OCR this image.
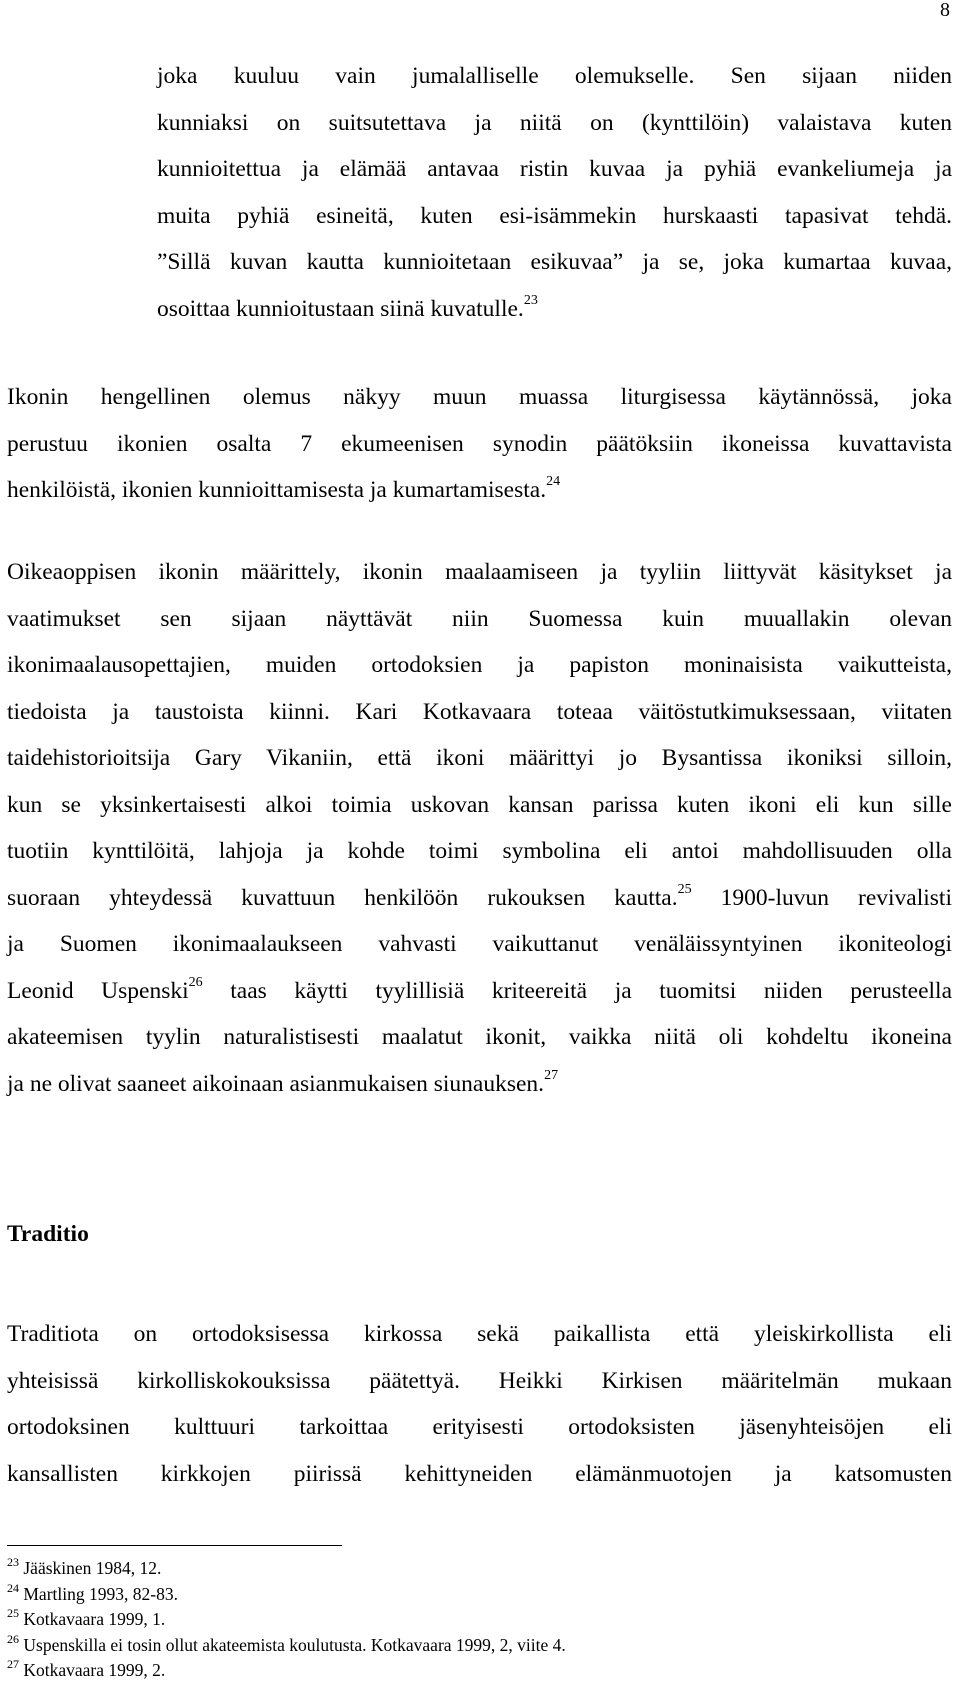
8
joka kuuluu vain jumalalliselle olemukselle. Sen sijaan niiden
kunniaksi on suitsutettava ja niitä on (kynttilöin) valaistava kuten
kunnioitettua ja elämää antavaa ristin kuvaa ja pyhiä evankeliumeja ja
muita pyhiä esineitä, kuten esi-isämmekin hurskaasti tapasivat tehdä.
”Sillä kuvan kautta kunnioitetaan esikuvaa” ja se, joka kumartaa kuvaa,
osoittaa kunnioitustaan siinä kuvatulle.$^{23}$
Ikonin hengellinen olemus näkyy muun muassa liturgisessa käytännössä, joka
perustuu ikonien osalta 7 ekumeenisen synodin päätöksiin ikoneissa kuvattavista
henkilöistä, ikonien kunnioittamisesta ja kumartamisesta.$^{24}$
Oikeaoppisen ikonin määrittely, ikonin maalaamiseen ja tyyliin liittyvät käsitykset ja
vaatimukset sen sijaan näyttävät niin Suomessa kuin muuallakin olevan
ikonimaalausopettajien, muiden ortodoksien ja papiston moninaisista vaikutteista,
tiedoista ja taustoista kiinni. Kari Kotkavaara toteaa väitöstutkimuksessaan, viitaten
taidehistorioitsija Gary Vikaniin, että ikoni määrittyi jo Bysantissa ikoniksi silloin,
kun se yksinkertaisesti alkoi toimia uskovan kansan parissa kuten ikoni eli kun sille
tuotiin kynttilöitä, lahjoja ja kohde toimi symbolina eli antoi mahdollisuuden olla
suoraan yhteydessä kuvattuun henkilöön rukouksen kautta.$^{25}$ 1900-luvun revivalisti
ja Suomen ikonimaalaukseen vahvasti vaikuttanut venäläissyntyinen ikoniteologi
Leonid Uspenski$^{26}$ taas käytti tyylillisiä kriteereitä ja tuomitsi niiden perusteella
akateemisen tyylin naturalistisesti maalatut ikonit, vaikka niitä oli kohdeltu ikoneina
ja ne olivat saaneet aikoinaan asianmukaisen siunauksen.$^{27}$
Traditio
Traditiota on ortodoksisessa kirkossa sekä paikallista että yleiskirkollista eli
yhteisissä kirkolliskokouksissa päätettyä. Heikki Kirkisen määritelmän mukaan
ortodoksinen kulttuuri tarkoittaa erityisesti ortodoksisten jäsenyhteisöjen eli
kansallisten kirkkojen piirissä kehittyneiden elämänmuotojen ja katsomusten
$^{23}$ Jääskinen 1984, 12.
$^{24}$ Martling 1993, 82-83.
$^{25}$ Kotkavaara 1999, 1.
$^{26}$ Uspenskilla ei tosin ollut akateemista koulutusta. Kotkavaara 1999, 2, viite 4.
$^{27}$ Kotkavaara 1999, 2.
